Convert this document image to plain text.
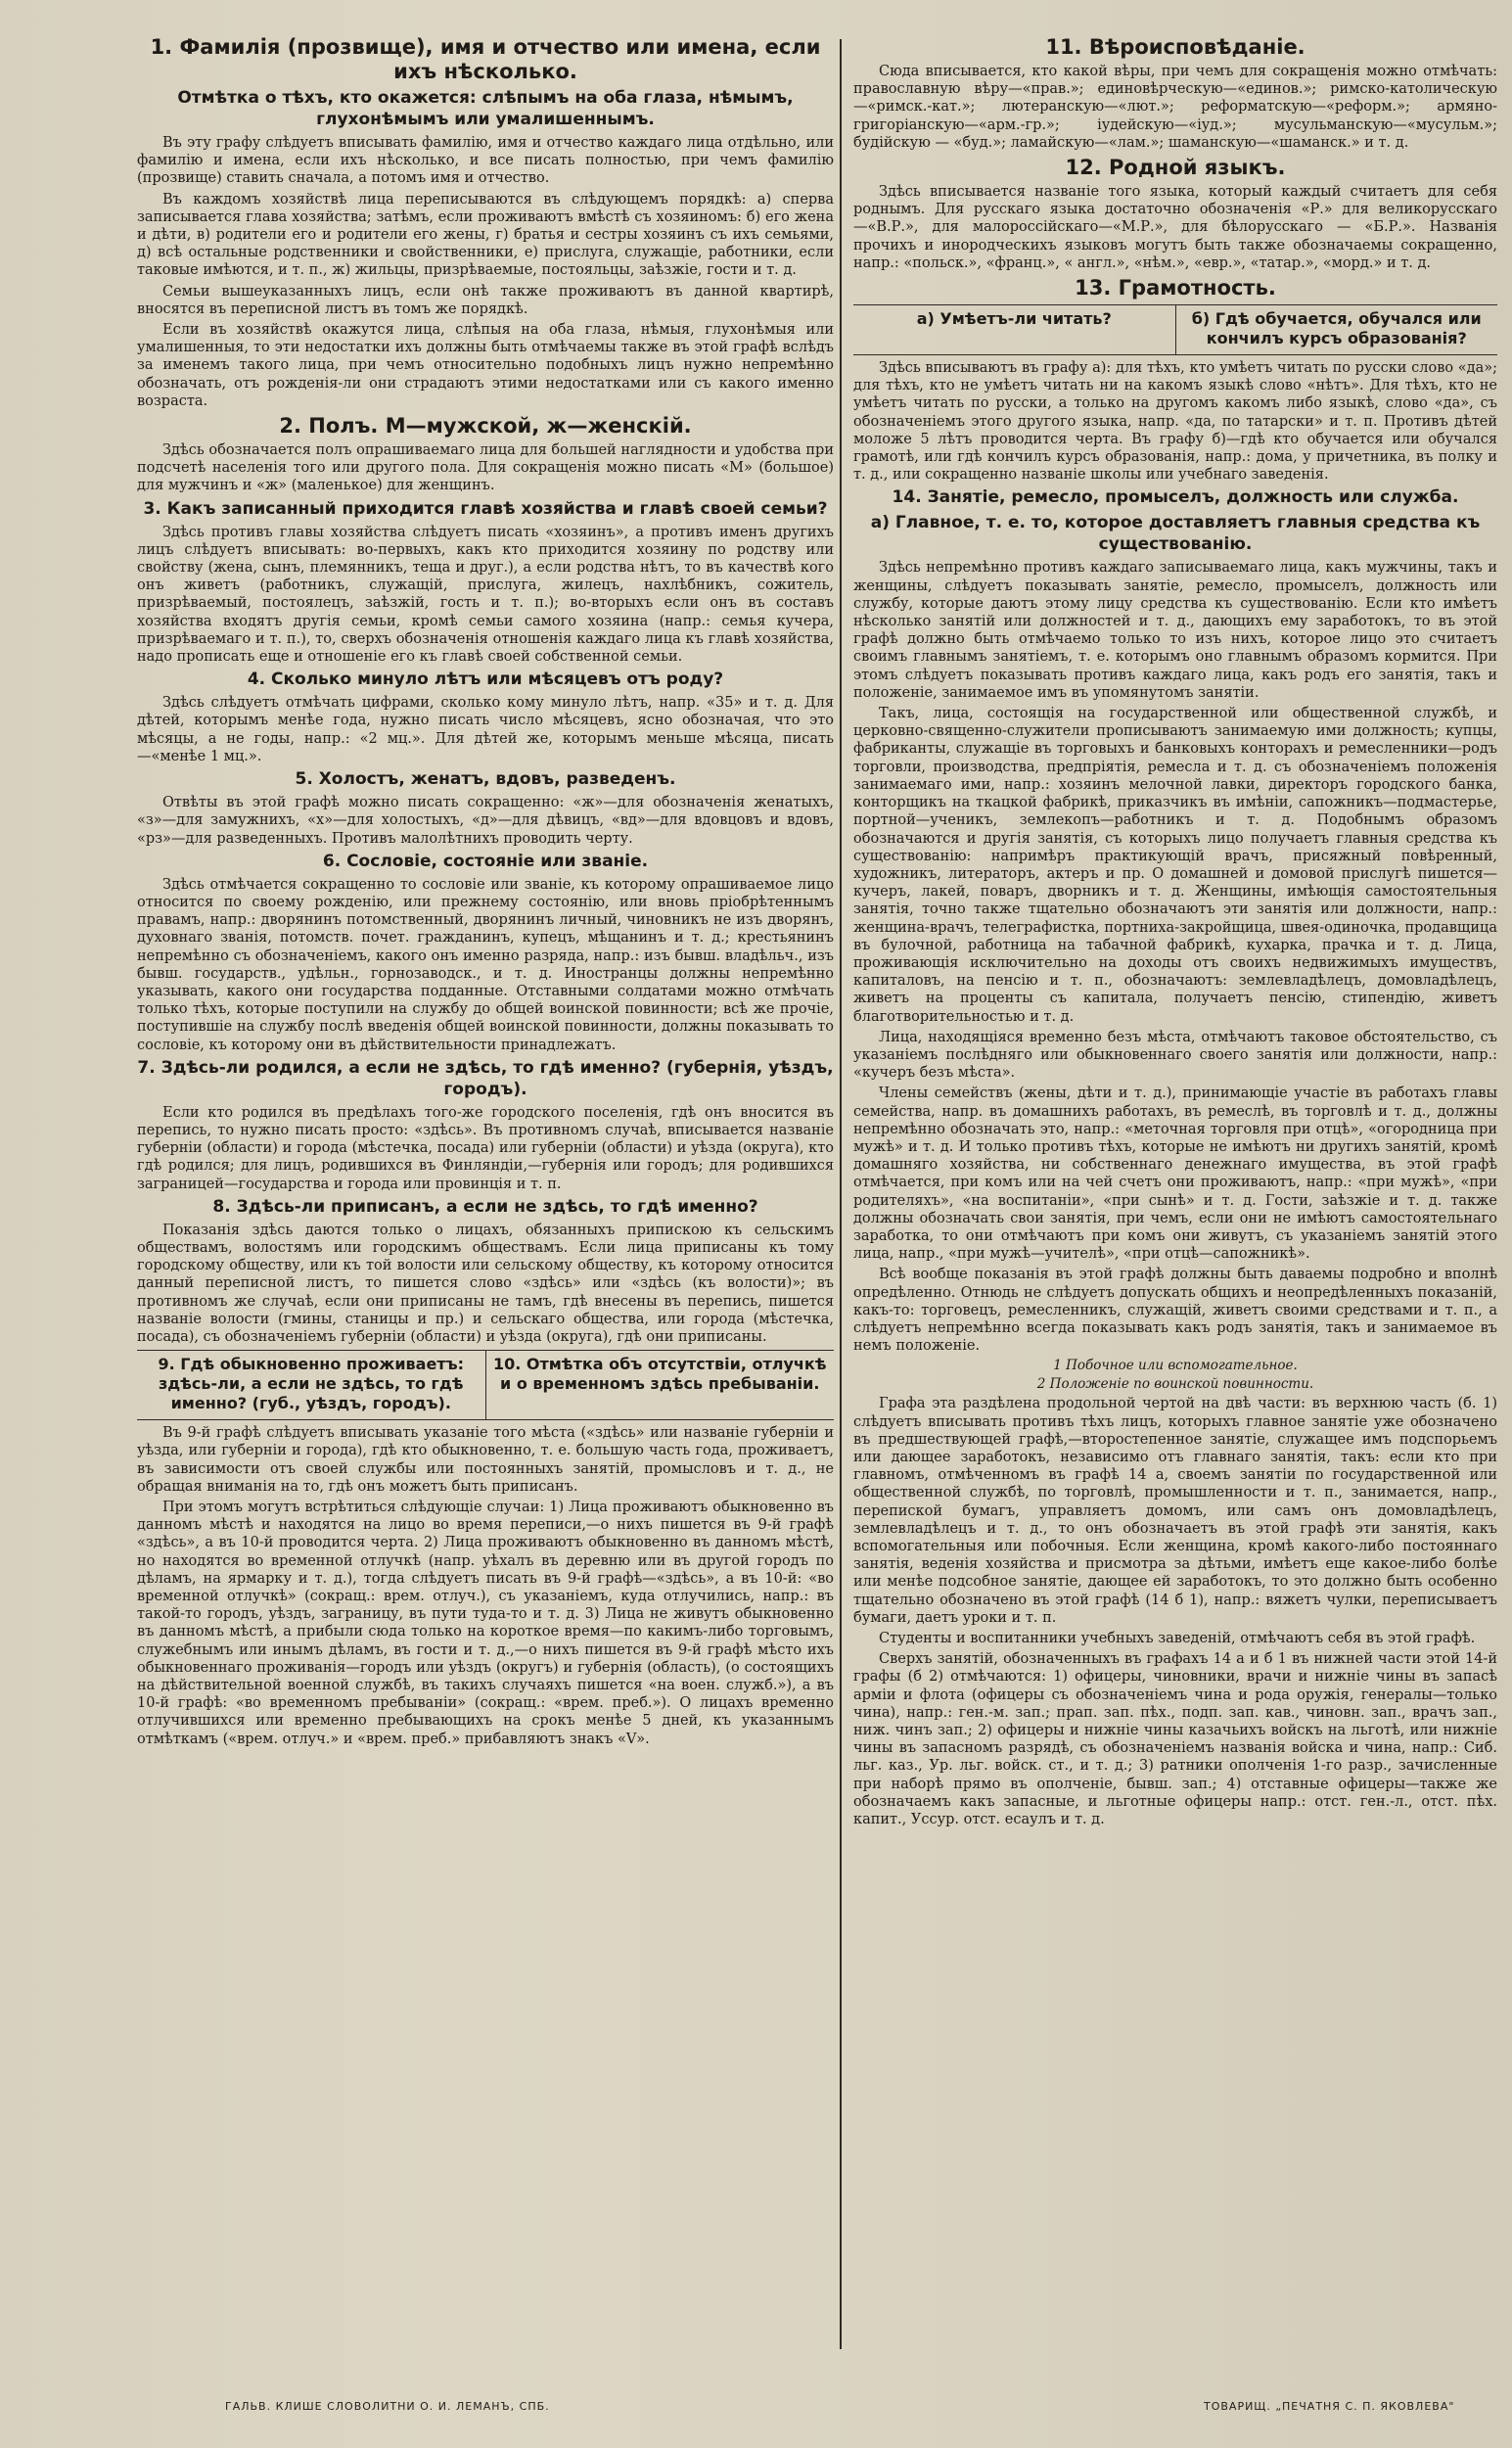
1. Фамилія (прозвище), имя и отчество или имена, если ихъ нѣсколько.
Отмѣтка о тѣхъ, кто окажется: слѣпымъ на оба глаза, нѣмымъ, глухонѣмымъ или умалишеннымъ.

Въ эту графу слѣдуетъ вписывать фамилію, имя и отчество каждаго лица отдѣльно, или фамилію и имена, если ихъ нѣсколько, и все писать полностью, при чемъ фамилію (прозвище) ставить сначала, а потомъ имя и отчество.

Въ каждомъ хозяйствѣ лица переписываются въ слѣдующемъ порядкѣ: а) сперва записывается глава хозяйства; затѣмъ, если проживаютъ вмѣстѣ съ хозяиномъ: б) его жена и дѣти, в) родители его и родители его жены, г) братья и сестры хозяинъ съ ихъ семьями, д) всѣ остальные родственники и свойственники, е) прислуга, служащіе, работники, если таковые имѣются, и т. п., ж) жильцы, призрѣваемые, постояльцы, заѣзжіе, гости и т. д.

Семьи вышеуказанныхъ лицъ, если онѣ также проживаютъ въ данной квартирѣ, вносятся въ переписной листъ въ томъ же порядкѣ.

Если въ хозяйствѣ окажутся лица, слѣпыя на оба глаза, нѣмыя, глухонѣмыя или умалишенныя, то эти недостатки ихъ должны быть отмѣчаемы также въ этой графѣ вслѣдъ за именемъ такого лица, при чемъ относительно подобныхъ лицъ нужно непремѣнно обозначать, отъ рожденія-ли они страдаютъ этими недостатками или съ какого именно возраста.

2. Полъ. М—мужской, ж—женскій.

Здѣсь обозначается полъ опрашиваемаго лица для большей наглядности и удобства при подсчетѣ населенія того или другого пола. Для сокращенія можно писать «М» (большое) для мужчинъ и «ж» (маленькое) для женщинъ.

3. Какъ записанный приходится главѣ хозяйства и главѣ своей семьи?

Здѣсь противъ главы хозяйства слѣдуетъ писать «хозяинъ», а противъ именъ другихъ лицъ слѣдуетъ вписывать: во-первыхъ, какъ кто приходится хозяину по родству или свойству (жена, сынъ, племянникъ, теща и друг.), а если родства нѣтъ, то въ качествѣ кого онъ живетъ (работникъ, служащій, прислуга, жилецъ, нахлѣбникъ, сожитель, призрѣваемый, постоялецъ, заѣзжій, гость и т. п.); во-вторыхъ если онъ въ составъ хозяйства входятъ другія семьи, кромѣ семьи самого хозяина (напр.: семья кучера, призрѣваемаго и т. п.), то, сверхъ обозначенія отношенія каждаго лица къ главѣ хозяйства, надо прописать еще и отношеніе его къ главѣ своей собственной семьи.

4. Сколько минуло лѣтъ или мѣсяцевъ отъ роду?

Здѣсь слѣдуетъ отмѣчать цифрами, сколько кому минуло лѣтъ, напр. «35» и т. д. Для дѣтей, которымъ менѣе года, нужно писать число мѣсяцевъ, ясно обозначая, что это мѣсяцы, а не годы, напр.: «2 мц.». Для дѣтей же, которымъ меньше мѣсяца, писать—«менѣе 1 мц.».

5. Холостъ, женатъ, вдовъ, разведенъ.

Отвѣты въ этой графѣ можно писать сокращенно: «ж»—для обозначенія женатыхъ, «з»—для замужнихъ, «х»—для холостыхъ, «д»—для дѣвицъ, «вд»—для вдовцовъ и вдовъ, «рз»—для разведенныхъ. Противъ малолѣтнихъ проводить черту.

6. Сословіе, состояніе или званіе.

Здѣсь отмѣчается сокращенно то сословіе или званіе, къ которому опрашиваемое лицо относится по своему рожденію, или прежнему состоянію, или вновь пріобрѣтеннымъ правамъ, напр.: дворянинъ потомственный, дворянинъ личный, чиновникъ не изъ дворянъ, духовнаго званія, потомств. почет. гражданинъ, купецъ, мѣщанинъ и т. д.; крестьянинъ непремѣнно съ обозначеніемъ, какого онъ именно разряда, напр.: изъ бывш. владѣльч., изъ бывш. государств., удѣльн., горнозаводск., и т. д. Иностранцы должны непремѣнно указывать, какого они государства подданные. Отставными солдатами можно отмѣчать только тѣхъ, которые поступили на службу до общей воинской повинности; всѣ же прочіе, поступившіе на службу послѣ введенія общей воинской повинности, должны показывать то сословіе, къ которому они въ дѣйствительности принадлежатъ.

7. Здѣсь-ли родился, а если не здѣсь, то гдѣ именно? (губернія, уѣздъ, городъ).

Если кто родился въ предѣлахъ того-же городского поселенія, гдѣ онъ вносится въ перепись, то нужно писать просто: «здѣсь». Въ противномъ случаѣ, вписывается названіе губерніи (области) и города (мѣстечка, посада) или губерніи (области) и уѣзда (округа), кто гдѣ родился; для лицъ, родившихся въ Финляндіи,—губернія или городъ; для родившихся заграницей—государства и города или провинція и т. п.

8. Здѣсь-ли приписанъ, а если не здѣсь, то гдѣ именно?

Показанія здѣсь даются только о лицахъ, обязанныхъ припискою къ сельскимъ обществамъ, волостямъ или городскимъ обществамъ. Если лица приписаны къ тому городскому обществу, или къ той волости или сельскому обществу, къ которому относится данный переписной листъ, то пишется слово «здѣсь» или «здѣсь (къ волости)»; въ противномъ же случаѣ, если они приписаны не тамъ, гдѣ внесены въ перепись, пишется названіе волости (гмины, станицы и пр.) и сельскаго общества, или города (мѣстечка, посада), съ обозначеніемъ губерніи (области) и уѣзда (округа), гдѣ они приписаны.

9. Гдѣ обыкновенно проживаетъ: здѣсь-ли, а если не здѣсь, то гдѣ именно? (губ., уѣздъ, городъ).
10. Отмѣтка объ отсутствіи, отлучкѣ и о временномъ здѣсь пребываніи.

Въ 9-й графѣ слѣдуетъ вписывать указаніе того мѣста («здѣсь» или названіе губерніи и уѣзда, или губерніи и города), гдѣ кто обыкновенно, т. е. большую часть года, проживаетъ, въ зависимости отъ своей службы или постоянныхъ занятій, промысловъ и т. д., не обращая вниманія на то, гдѣ онъ можетъ быть приписанъ.

При этомъ могутъ встрѣтиться слѣдующіе случаи: 1) Лица проживаютъ обыкновенно въ данномъ мѣстѣ и находятся на лицо во время переписи,—о нихъ пишется въ 9-й графѣ «здѣсь», а въ 10-й проводится черта. 2) Лица проживаютъ обыкновенно въ данномъ мѣстѣ, но находятся во временной отлучкѣ (напр. уѣхалъ въ деревню или въ другой городъ по дѣламъ, на ярмарку и т. д.), тогда слѣдуетъ писать въ 9-й графѣ—«здѣсь», а въ 10-й: «во временной отлучкѣ» (сокращ.: врем. отлуч.), съ указаніемъ, куда отлучились, напр.: въ такой-то городъ, уѣздъ, заграницу, въ пути туда-то и т. д. 3) Лица не живутъ обыкновенно въ данномъ мѣстѣ, а прибыли сюда только на короткое время—по какимъ-либо торговымъ, служебнымъ или инымъ дѣламъ, въ гости и т. д.,—о нихъ пишется въ 9-й графѣ мѣсто ихъ обыкновеннаго проживанія—городъ или уѣздъ (округъ) и губернія (область), (о состоящихъ на дѣйствительной военной службѣ, въ такихъ случаяхъ пишется «на воен. служб.»), а въ 10-й графѣ: «во временномъ пребываніи» (сокращ.: «врем. преб.»). О лицахъ временно отлучившихся или временно пребывающихъ на срокъ менѣе 5 дней, къ указаннымъ отмѣткамъ («врем. отлуч.» и «врем. преб.» прибавляютъ знакъ «V».

11. Вѣроисповѣданіе.

Сюда вписывается, кто какой вѣры, при чемъ для сокращенія можно отмѣчать: православную вѣру—«прав.»; единовѣрческую—«единов.»; римско-католическую—«римск.-кат.»; лютеранскую—«лют.»; реформатскую—«реформ.»; армяно-григоріанскую—«арм.-гр.»; іудейскую—«іуд.»; мусульманскую—«мусульм.»; будійскую — «буд.»; ламайскую—«лам.»; шаманскую—«шаманск.» и т. д.

12. Родной языкъ.

Здѣсь вписывается названіе того языка, который каждый считаетъ для себя роднымъ. Для русскаго языка достаточно обозначенія «Р.» для великорусскаго—«В.Р.», для малороссійскаго—«М.Р.», для бѣлорусскаго — «Б.Р.». Названія прочихъ и инородческихъ языковъ могутъ быть также обозначаемы сокращенно, напр.: «польск.», «франц.», « англ.», «нѣм.», «евр.», «татар.», «морд.» и т. д.

13. Грамотность.
а) Умѣетъ-ли читать?	б) Гдѣ обучается, обучался или кончилъ курсъ образованія?

Здѣсь вписываютъ въ графу а): для тѣхъ, кто умѣетъ читать по русски слово «да»; для тѣхъ, кто не умѣетъ читать ни на какомъ языкѣ слово «нѣтъ». Для тѣхъ, кто не умѣетъ читать по русски, а только на другомъ какомъ либо языкѣ, слово «да», съ обозначеніемъ этого другого языка, напр. «да, по татарски» и т. п. Противъ дѣтей моложе 5 лѣтъ проводится черта. Въ графу б)—гдѣ кто обучается или обучался грамотѣ, или гдѣ кончилъ курсъ образованія, напр.: дома, у причетника, въ полку и т. д., или сокращенно названіе школы или учебнаго заведенія.

14. Занятіе, ремесло, промыселъ, должность или служба.
а) Главное, т. е. то, которое доставляетъ главныя средства къ существованію.

Здѣсь непремѣнно противъ каждаго записываемаго лица, какъ мужчины, такъ и женщины, слѣдуетъ показывать занятіе, ремесло, промыселъ, должность или службу, которые даютъ этому лицу средства къ существованію. Если кто имѣетъ нѣсколько занятій или должностей и т. д., дающихъ ему заработокъ, то въ этой графѣ должно быть отмѣчаемо только то изъ нихъ, которое лицо это считаетъ своимъ главнымъ занятіемъ, т. е. которымъ оно главнымъ образомъ кормится. При этомъ слѣдуетъ показывать противъ каждаго лица, какъ родъ его занятія, такъ и положеніе, занимаемое имъ въ упомянутомъ занятіи.

Такъ, лица, состоящія на государственной или общественной службѣ, и церковно-священно-служители прописываютъ занимаемую ими должность; купцы, фабриканты, служащіе въ торговыхъ и банковыхъ конторахъ и ремесленники—родъ торговли, производства, предпріятія, ремесла и т. д. съ обозначеніемъ положенія занимаемаго ими, напр.: хозяинъ мелочной лавки, директоръ городского банка, конторщикъ на ткацкой фабрикѣ, приказчикъ въ имѣніи, сапожникъ—подмастерье, портной—ученикъ, землекопъ—работникъ и т. д. Подобнымъ образомъ обозначаются и другія занятія, съ которыхъ лицо получаетъ главныя средства къ существованію: напримѣръ практикующій врачъ, присяжный повѣренный, художникъ, литераторъ, актеръ и пр. О домашней и домовой прислугѣ пишется—кучеръ, лакей, поваръ, дворникъ и т. д. Женщины, имѣющія самостоятельныя занятія, точно также тщательно обозначаютъ эти занятія или должности, напр.: женщина-врачъ, телеграфистка, портниха-закройщица, швея-одиночка, продавщица въ булочной, работница на табачной фабрикѣ, кухарка, прачка и т. д. Лица, проживающія исключительно на доходы отъ своихъ недвижимыхъ имуществъ, капиталовъ, на пенсію и т. п., обозначаютъ: землевладѣлецъ, домовладѣлецъ, живетъ на проценты съ капитала, получаетъ пенсію, стипендію, живетъ благотворительностью и т. д.

Лица, находящіяся временно безъ мѣста, отмѣчаютъ таковое обстоятельство, съ указаніемъ послѣдняго или обыкновеннаго своего занятія или должности, напр.: «кучеръ безъ мѣста».

Члены семействъ (жены, дѣти и т. д.), принимающіе участіе въ работахъ главы семейства, напр. въ домашнихъ работахъ, въ ремеслѣ, въ торговлѣ и т. д., должны непремѣнно обозначать это, напр.: «меточная торговля при отцѣ», «огородница при мужѣ» и т. д. И только противъ тѣхъ, которые не имѣютъ ни другихъ занятій, кромѣ домашняго хозяйства, ни собственнаго денежнаго имущества, въ этой графѣ отмѣчается, при комъ или на чей счетъ они проживаютъ, напр.: «при мужѣ», «при родителяхъ», «на воспитаніи», «при сынѣ» и т. д. Гости, заѣзжіе и т. д. также должны обозначать свои занятія, при чемъ, если они не имѣютъ самостоятельнаго заработка, то они отмѣчаютъ при комъ они живутъ, съ указаніемъ занятій этого лица, напр., «при мужѣ—учителѣ», «при отцѣ—сапожникѣ».

Всѣ вообще показанія въ этой графѣ должны быть даваемы подробно и вполнѣ опредѣленно. Отнюдь не слѣдуетъ допускать общихъ и неопредѣленныхъ показаній, какъ-то: торговецъ, ремесленникъ, служащій, живетъ своими средствами и т. п., а слѣдуетъ непремѣнно всегда показывать какъ родъ занятія, такъ и занимаемое въ немъ положеніе.

1 Побочное или вспомогательное.

2 Положеніе по воинской повинности.

Графа эта раздѣлена продольной чертой на двѣ части: въ верхнюю часть (б. 1) слѣдуетъ вписывать противъ тѣхъ лицъ, которыхъ главное занятіе уже обозначено въ предшествующей графѣ,—второстепенное занятіе, служащее имъ подспорьемъ или дающее заработокъ, независимо отъ главнаго занятія, такъ: если кто при главномъ, отмѣченномъ въ графѣ 14 а, своемъ занятіи по государственной или общественной службѣ, по торговлѣ, промышленности и т. п., занимается, напр., перепиской бумагъ, управляетъ домомъ, или самъ онъ домовладѣлецъ, землевладѣлецъ и т. д., то онъ обозначаетъ въ этой графѣ эти занятія, какъ вспомогательныя или побочныя. Если женщина, кромѣ какого-либо постояннаго занятія, веденія хозяйства и присмотра за дѣтьми, имѣетъ еще какое-либо болѣе или менѣе подсобное занятіе, дающее ей заработокъ, то это должно быть особенно тщательно обозначено въ этой графѣ (14 б 1), напр.: вяжетъ чулки, переписываетъ бумаги, даетъ уроки и т. п.

Студенты и воспитанники учебныхъ заведеній, отмѣчаютъ себя въ этой графѣ.

Сверхъ занятій, обозначенныхъ въ графахъ 14 а и б 1 въ нижней части этой 14-й графы (б 2) отмѣчаются: 1) офицеры, чиновники, врачи и нижніе чины въ запасѣ арміи и флота (офицеры съ обозначеніемъ чина и рода оружія, генералы—только чина), напр.: ген.-м. зап.; прап. зап. пѣх., подп. зап. кав., чиновн. зап., врачъ зап., ниж. чинъ зап.; 2) офицеры и нижніе чины казачьихъ войскъ на льготѣ, или нижніе чины въ запасномъ разрядѣ, съ обозначеніемъ названія войска и чина, напр.: Сиб. льг. каз., Ур. льг. войск. ст., и т. д.; 3) ратники ополченія 1-го разр., зачисленные при набоpѣ прямо въ ополченіе, бывш. зап.; 4) отставные офицеры—также же обозначаемъ какъ запасные, и льготные офицеры напр.: отст. ген.-л., отст. пѣх. капит., Уссур. отст. есаулъ и т. д.

ГАЛЬВ. КЛИШЕ СЛОВОЛИТНИ О. И. ЛЕМАНЪ, СПБ.	ТОВАРИЩ. „ПЕЧАТНЯ С. П. ЯКОВЛЕВА"
